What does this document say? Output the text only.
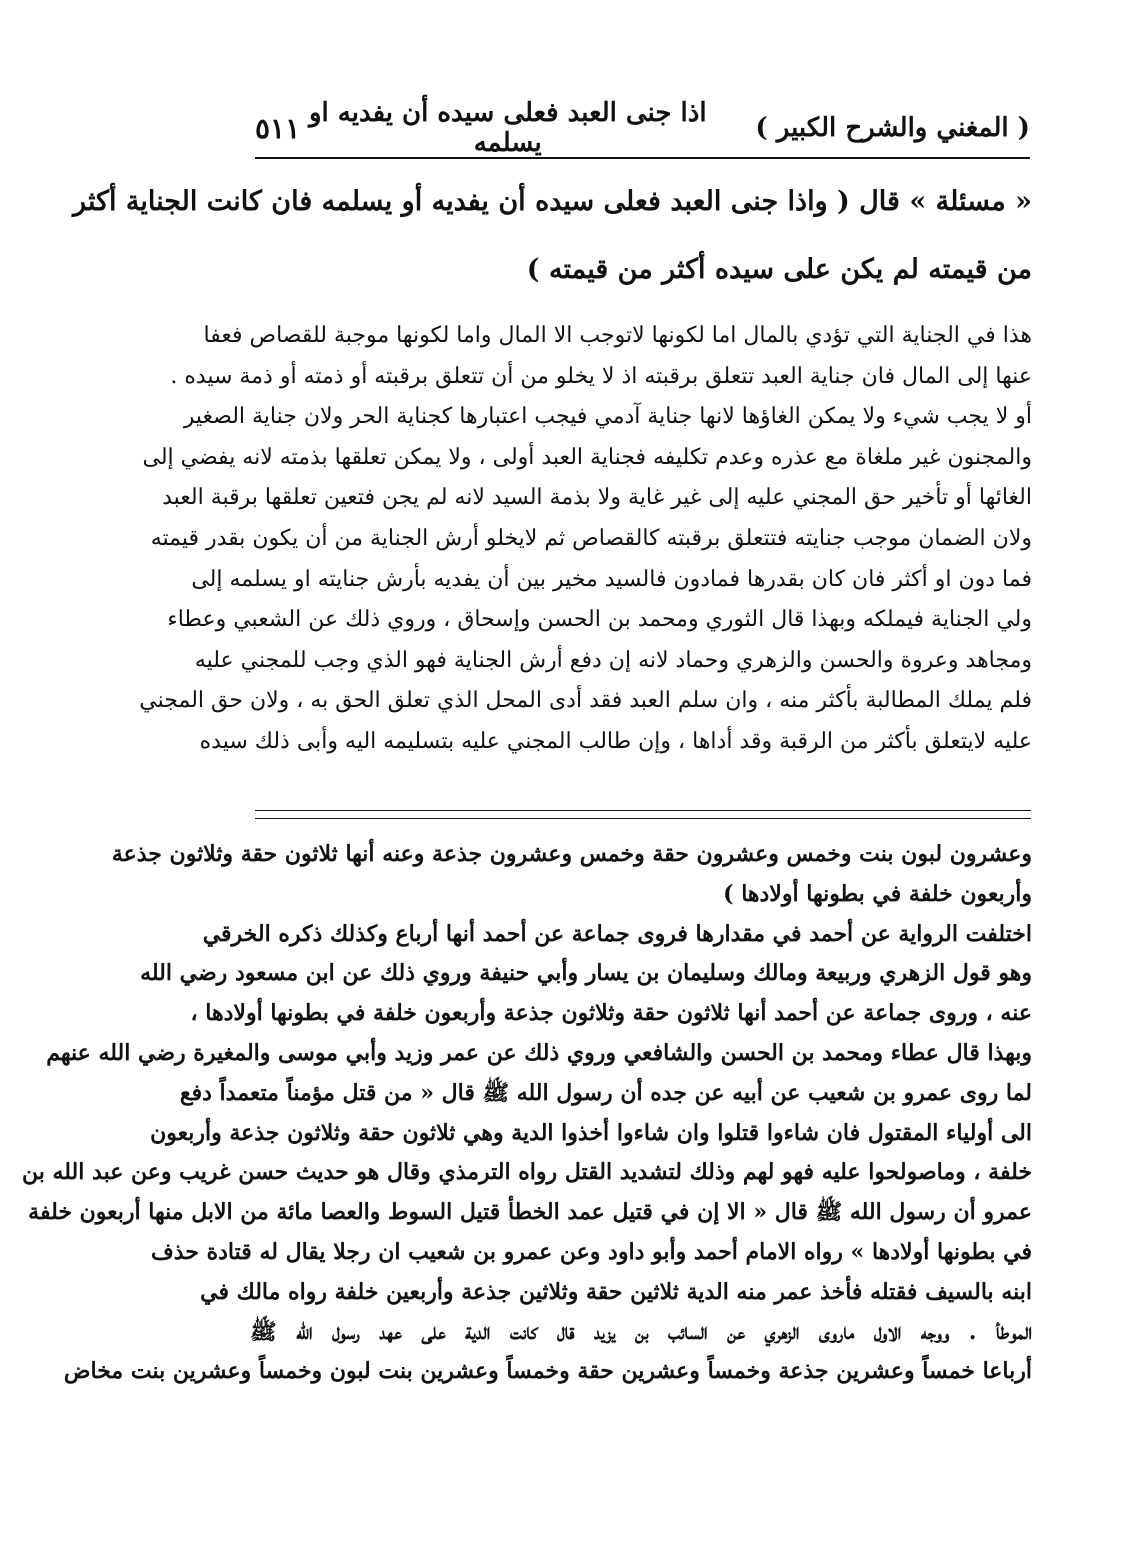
( المغني والشرح الكبير )
اذا جنى العبد فعلى سيده أن يفديه او يسلمه
٥١١
« مسئلة » قال ( واذا جنى العبد فعلى سيده أن يفديه أو يسلمه فان كانت الجناية أكثر
من قيمته لم يكن على سيده أكثر من قيمته )
هذا في الجناية التي تؤدي بالمال اما لكونها لاتوجب الا المال واما لكونها موجبة للقصاص فعفا
عنها إلى المال فان جناية العبد تتعلق برقبته اذ لا يخلو من أن تتعلق برقبته أو ذمته أو ذمة سيده .
أو لا يجب شيء ولا يمكن الغاؤها لانها جناية آدمي فيجب اعتبارها كجناية الحر ولان جناية الصغير
والمجنون غير ملغاة مع عذره وعدم تكليفه فجناية العبد أولى ، ولا يمكن تعلقها بذمته لانه يفضي إلى
الغائها أو تأخير حق المجني عليه إلى غير غاية ولا بذمة السيد لانه لم يجن فتعين تعلقها برقبة العبد
ولان الضمان موجب جنايته فتتعلق برقبته كالقصاص ثم لايخلو أرش الجناية من أن يكون بقدر قيمته
فما دون او أكثر فان كان بقدرها فمادون فالسيد مخير بين أن يفديه بأرش جنايته او يسلمه إلى
ولي الجناية فيملكه وبهذا قال الثوري ومحمد بن الحسن وإسحاق ، وروي ذلك عن الشعبي وعطاء
ومجاهد وعروة والحسن والزهري وحماد لانه إن دفع أرش الجناية فهو الذي وجب للمجني عليه
فلم يملك المطالبة بأكثر منه ، وان سلم العبد فقد أدى المحل الذي تعلق الحق به ، ولان حق المجني
عليه لايتعلق بأكثر من الرقبة وقد أداها ، وإن طالب المجني عليه بتسليمه اليه وأبى ذلك سيده
وعشرون لبون بنت وخمس وعشرون حقة وخمس وعشرون جذعة وعنه أنها ثلاثون حقة وثلاثون جذعة
وأربعون خلفة في بطونها أولادها )
اختلفت الرواية عن أحمد في مقدارها فروى جماعة عن أحمد أنها أرباع وكذلك ذكره الخرقي
وهو قول الزهري وربيعة ومالك وسليمان بن يسار وأبي حنيفة وروي ذلك عن ابن مسعود رضي الله
عنه ، وروى جماعة عن أحمد أنها ثلاثون حقة وثلاثون جذعة وأربعون خلفة في بطونها أولادها ،
وبهذا قال عطاء ومحمد بن الحسن والشافعي وروي ذلك عن عمر وزيد وأبي موسى والمغيرة رضي الله عنهم
لما روى عمرو بن شعيب عن أبيه عن جده أن رسول الله ﷺ قال « من قتل مؤمناً متعمداً دفع
الى أولياء المقتول فان شاءوا قتلوا وان شاءوا أخذوا الدية وهي ثلاثون حقة وثلاثون جذعة وأربعون
خلفة ، وماصولحوا عليه فهو لهم وذلك لتشديد القتل رواه الترمذي وقال هو حديث حسن غريب وعن عبد الله بن
عمرو أن رسول الله ﷺ قال « الا إن في قتيل عمد الخطأ قتيل السوط والعصا مائة من الابل منها أربعون خلفة
في بطونها أولادها » رواه الامام أحمد وأبو داود وعن عمرو بن شعيب ان رجلا يقال له قتادة حذف
ابنه بالسيف فقتله فأخذ عمر منه الدية ثلاثين حقة وثلاثين جذعة وأربعين خلفة رواه مالك في
الموطأ . ووجه الاول ماروى الزهري عن السائب بن يزيد قال كانت الدية على عهد رسول الله ﷺ
أرباعا خمساً وعشرين جذعة وخمساً وعشرين حقة وخمساً وعشرين بنت لبون وخمساً وعشرين بنت مخاض
